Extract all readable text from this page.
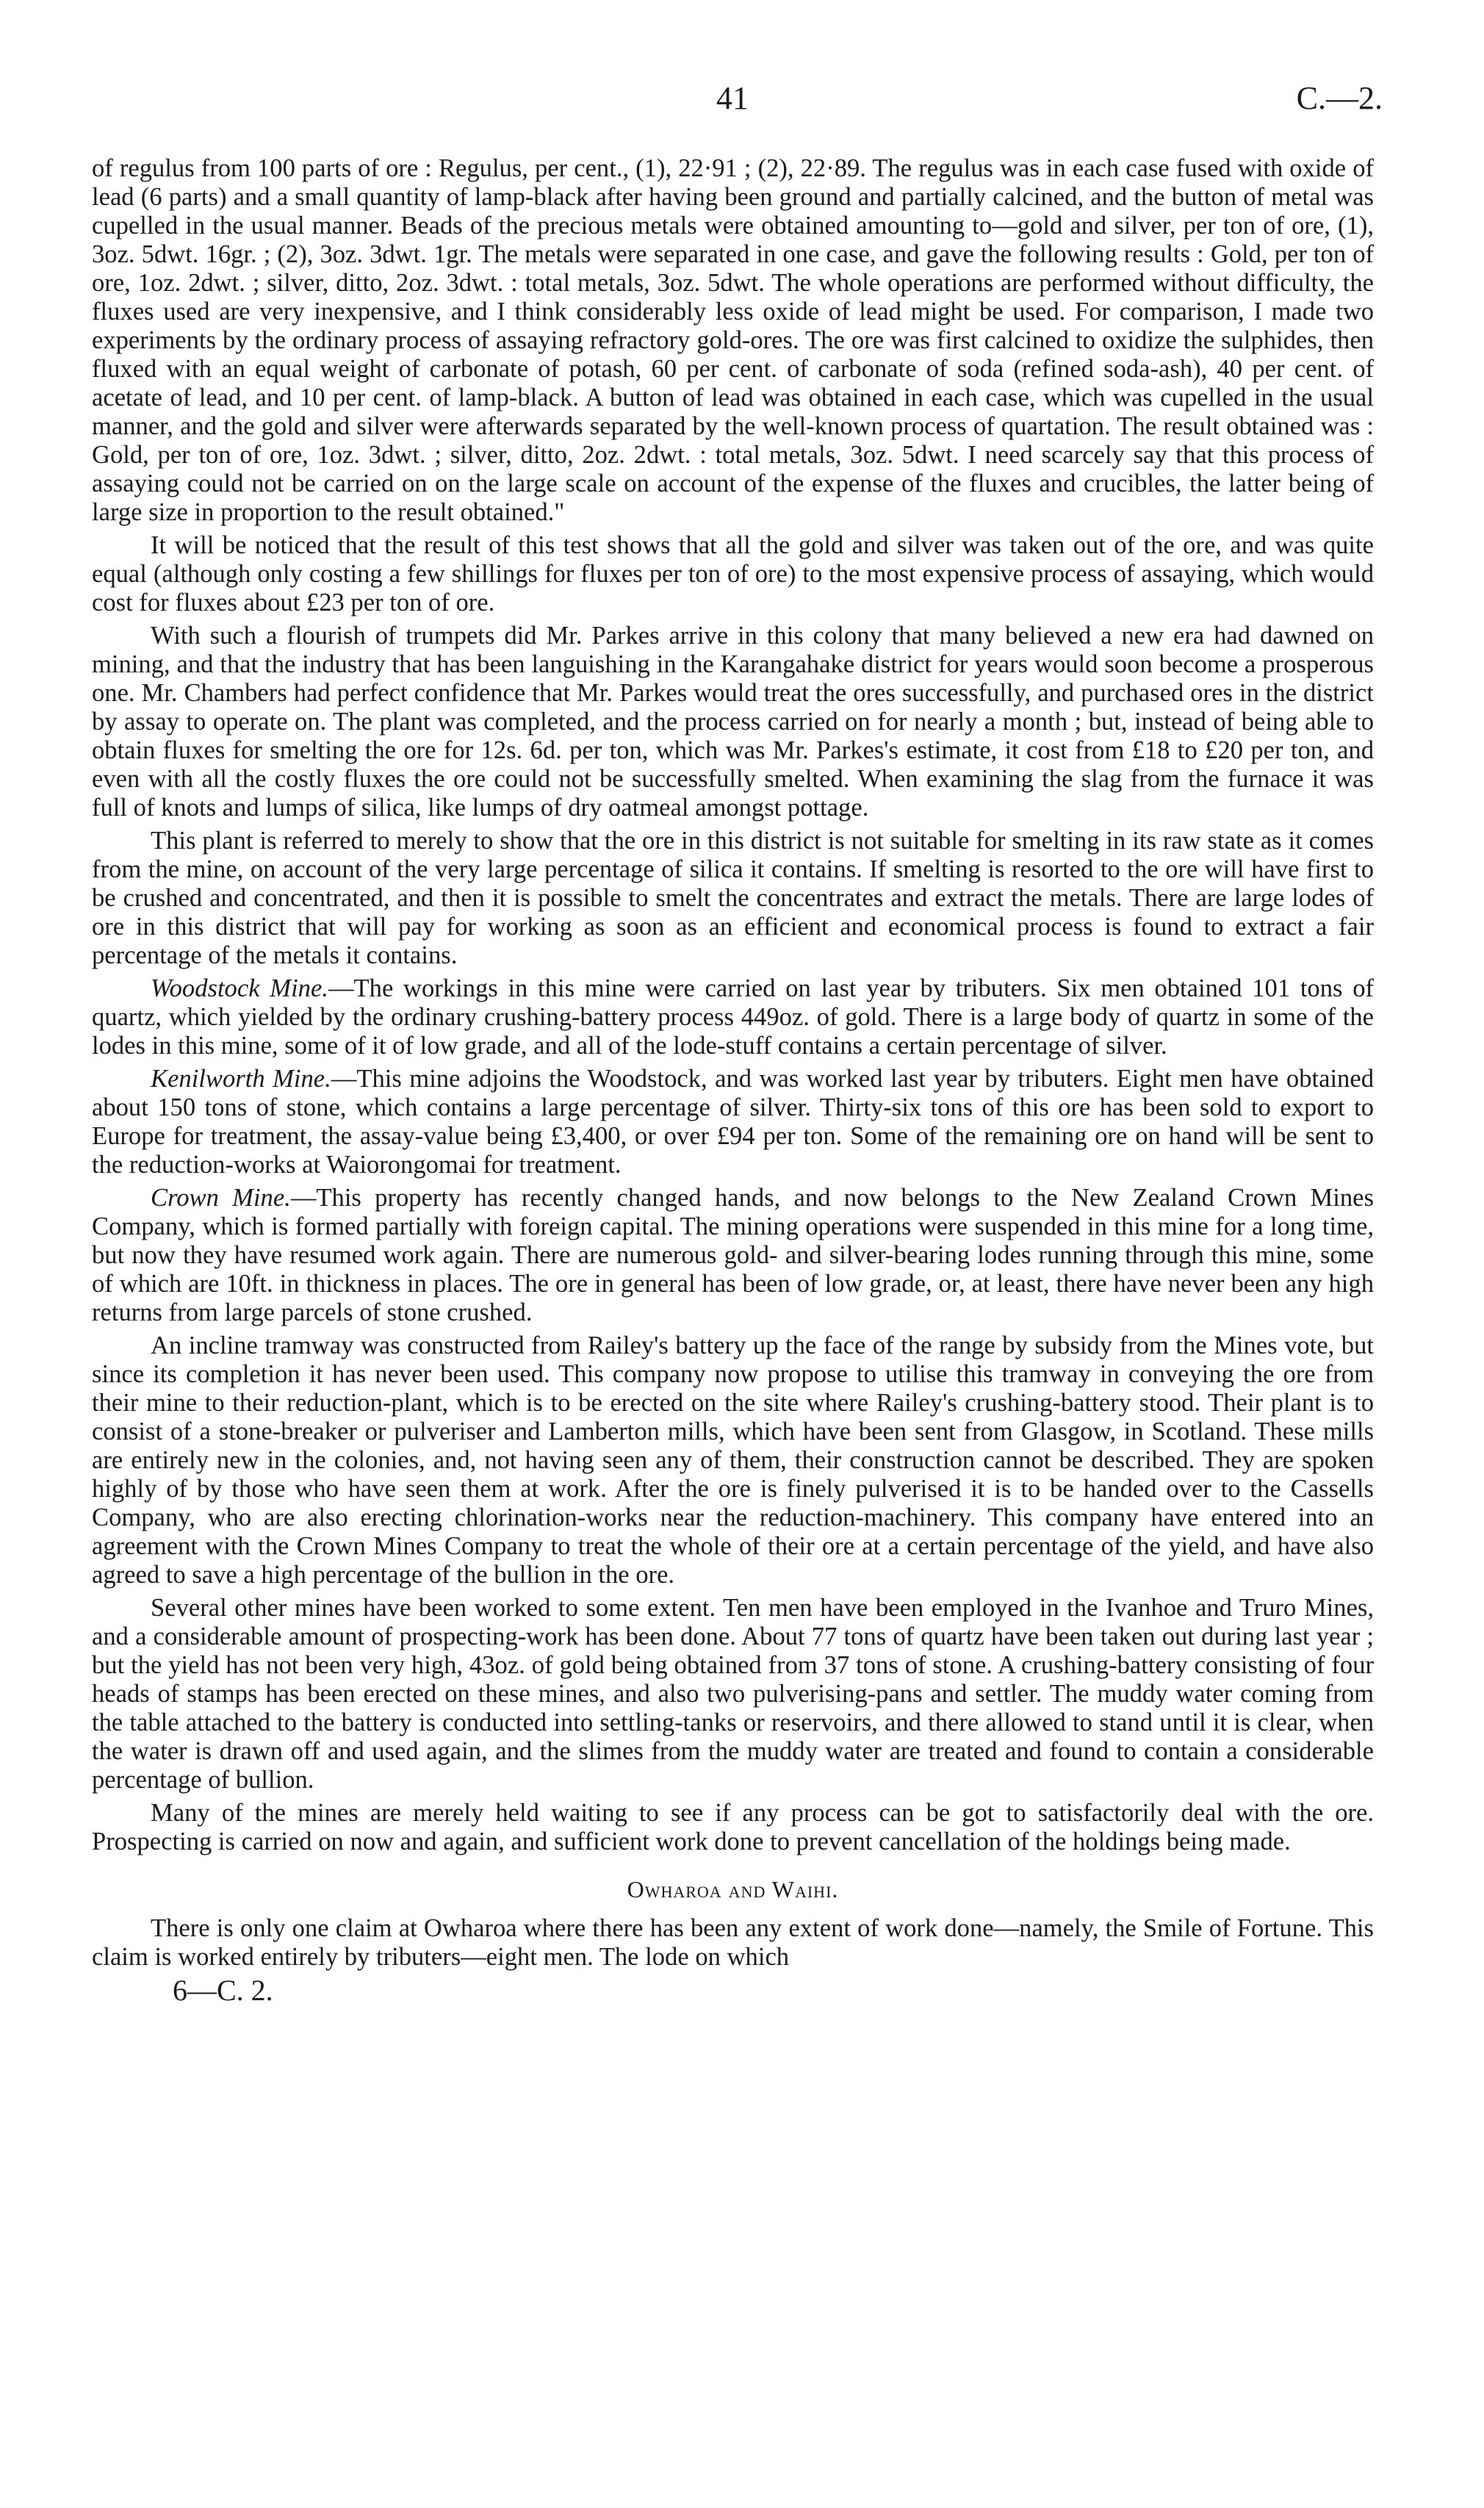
41	C.—2.

of regulus from 100 parts of ore : Regulus, per cent., (1), 22·91 ; (2), 22·89. The regulus was in each case fused with oxide of lead (6 parts) and a small quantity of lamp-black after having been ground and partially calcined, and the button of metal was cupelled in the usual manner. Beads of the precious metals were obtained amounting to—gold and silver, per ton of ore, (1), 3oz. 5dwt. 16gr. ; (2), 3oz. 3dwt. 1gr. The metals were separated in one case, and gave the following results : Gold, per ton of ore, 1oz. 2dwt. ; silver, ditto, 2oz. 3dwt. : total metals, 3oz. 5dwt. The whole operations are performed without difficulty, the fluxes used are very inexpensive, and I think considerably less oxide of lead might be used. For comparison, I made two experiments by the ordinary process of assaying refractory gold-ores. The ore was first calcined to oxidize the sulphides, then fluxed with an equal weight of carbonate of potash, 60 per cent. of carbonate of soda (refined soda-ash), 40 per cent. of acetate of lead, and 10 per cent. of lamp-black. A button of lead was obtained in each case, which was cupelled in the usual manner, and the gold and silver were afterwards separated by the well-known process of quartation. The result obtained was : Gold, per ton of ore, 1oz. 3dwt. ; silver, ditto, 2oz. 2dwt. : total metals, 3oz. 5dwt. I need scarcely say that this process of assaying could not be carried on on the large scale on account of the expense of the fluxes and crucibles, the latter being of large size in proportion to the result obtained."

It will be noticed that the result of this test shows that all the gold and silver was taken out of the ore, and was quite equal (although only costing a few shillings for fluxes per ton of ore) to the most expensive process of assaying, which would cost for fluxes about £23 per ton of ore.

With such a flourish of trumpets did Mr. Parkes arrive in this colony that many believed a new era had dawned on mining, and that the industry that has been languishing in the Karangahake district for years would soon become a prosperous one. Mr. Chambers had perfect confidence that Mr. Parkes would treat the ores successfully, and purchased ores in the district by assay to operate on. The plant was completed, and the process carried on for nearly a month ; but, instead of being able to obtain fluxes for smelting the ore for 12s. 6d. per ton, which was Mr. Parkes's estimate, it cost from £18 to £20 per ton, and even with all the costly fluxes the ore could not be successfully smelted. When examining the slag from the furnace it was full of knots and lumps of silica, like lumps of dry oatmeal amongst pottage.

This plant is referred to merely to show that the ore in this district is not suitable for smelting in its raw state as it comes from the mine, on account of the very large percentage of silica it contains. If smelting is resorted to the ore will have first to be crushed and concentrated, and then it is possible to smelt the concentrates and extract the metals. There are large lodes of ore in this district that will pay for working as soon as an efficient and economical process is found to extract a fair percentage of the metals it contains.

Woodstock Mine.—The workings in this mine were carried on last year by tributers. Six men obtained 101 tons of quartz, which yielded by the ordinary crushing-battery process 449oz. of gold. There is a large body of quartz in some of the lodes in this mine, some of it of low grade, and all of the lode-stuff contains a certain percentage of silver.

Kenilworth Mine.—This mine adjoins the Woodstock, and was worked last year by tributers. Eight men have obtained about 150 tons of stone, which contains a large percentage of silver. Thirty-six tons of this ore has been sold to export to Europe for treatment, the assay-value being £3,400, or over £94 per ton. Some of the remaining ore on hand will be sent to the reduction-works at Waiorongomai for treatment.

Crown Mine.—This property has recently changed hands, and now belongs to the New Zealand Crown Mines Company, which is formed partially with foreign capital. The mining operations were suspended in this mine for a long time, but now they have resumed work again. There are numerous gold- and silver-bearing lodes running through this mine, some of which are 10ft. in thickness in places. The ore in general has been of low grade, or, at least, there have never been any high returns from large parcels of stone crushed.

An incline tramway was constructed from Railey's battery up the face of the range by subsidy from the Mines vote, but since its completion it has never been used. This company now propose to utilise this tramway in conveying the ore from their mine to their reduction-plant, which is to be erected on the site where Railey's crushing-battery stood. Their plant is to consist of a stone-breaker or pulveriser and Lamberton mills, which have been sent from Glasgow, in Scotland. These mills are entirely new in the colonies, and, not having seen any of them, their construction cannot be described. They are spoken highly of by those who have seen them at work. After the ore is finely pulverised it is to be handed over to the Cassells Company, who are also erecting chlorination-works near the reduction-machinery. This company have entered into an agreement with the Crown Mines Company to treat the whole of their ore at a certain percentage of the yield, and have also agreed to save a high percentage of the bullion in the ore.

Several other mines have been worked to some extent. Ten men have been employed in the Ivanhoe and Truro Mines, and a considerable amount of prospecting-work has been done. About 77 tons of quartz have been taken out during last year ; but the yield has not been very high, 43oz. of gold being obtained from 37 tons of stone. A crushing-battery consisting of four heads of stamps has been erected on these mines, and also two pulverising-pans and settler. The muddy water coming from the table attached to the battery is conducted into settling-tanks or reservoirs, and there allowed to stand until it is clear, when the water is drawn off and used again, and the slimes from the muddy water are treated and found to contain a considerable percentage of bullion.

Many of the mines are merely held waiting to see if any process can be got to satisfactorily deal with the ore. Prospecting is carried on now and again, and sufficient work done to prevent cancellation of the holdings being made.

Owharoa and Waihi.

There is only one claim at Owharoa where there has been any extent of work done—namely, the Smile of Fortune. This claim is worked entirely by tributers—eight men. The lode on which

6—C. 2.
